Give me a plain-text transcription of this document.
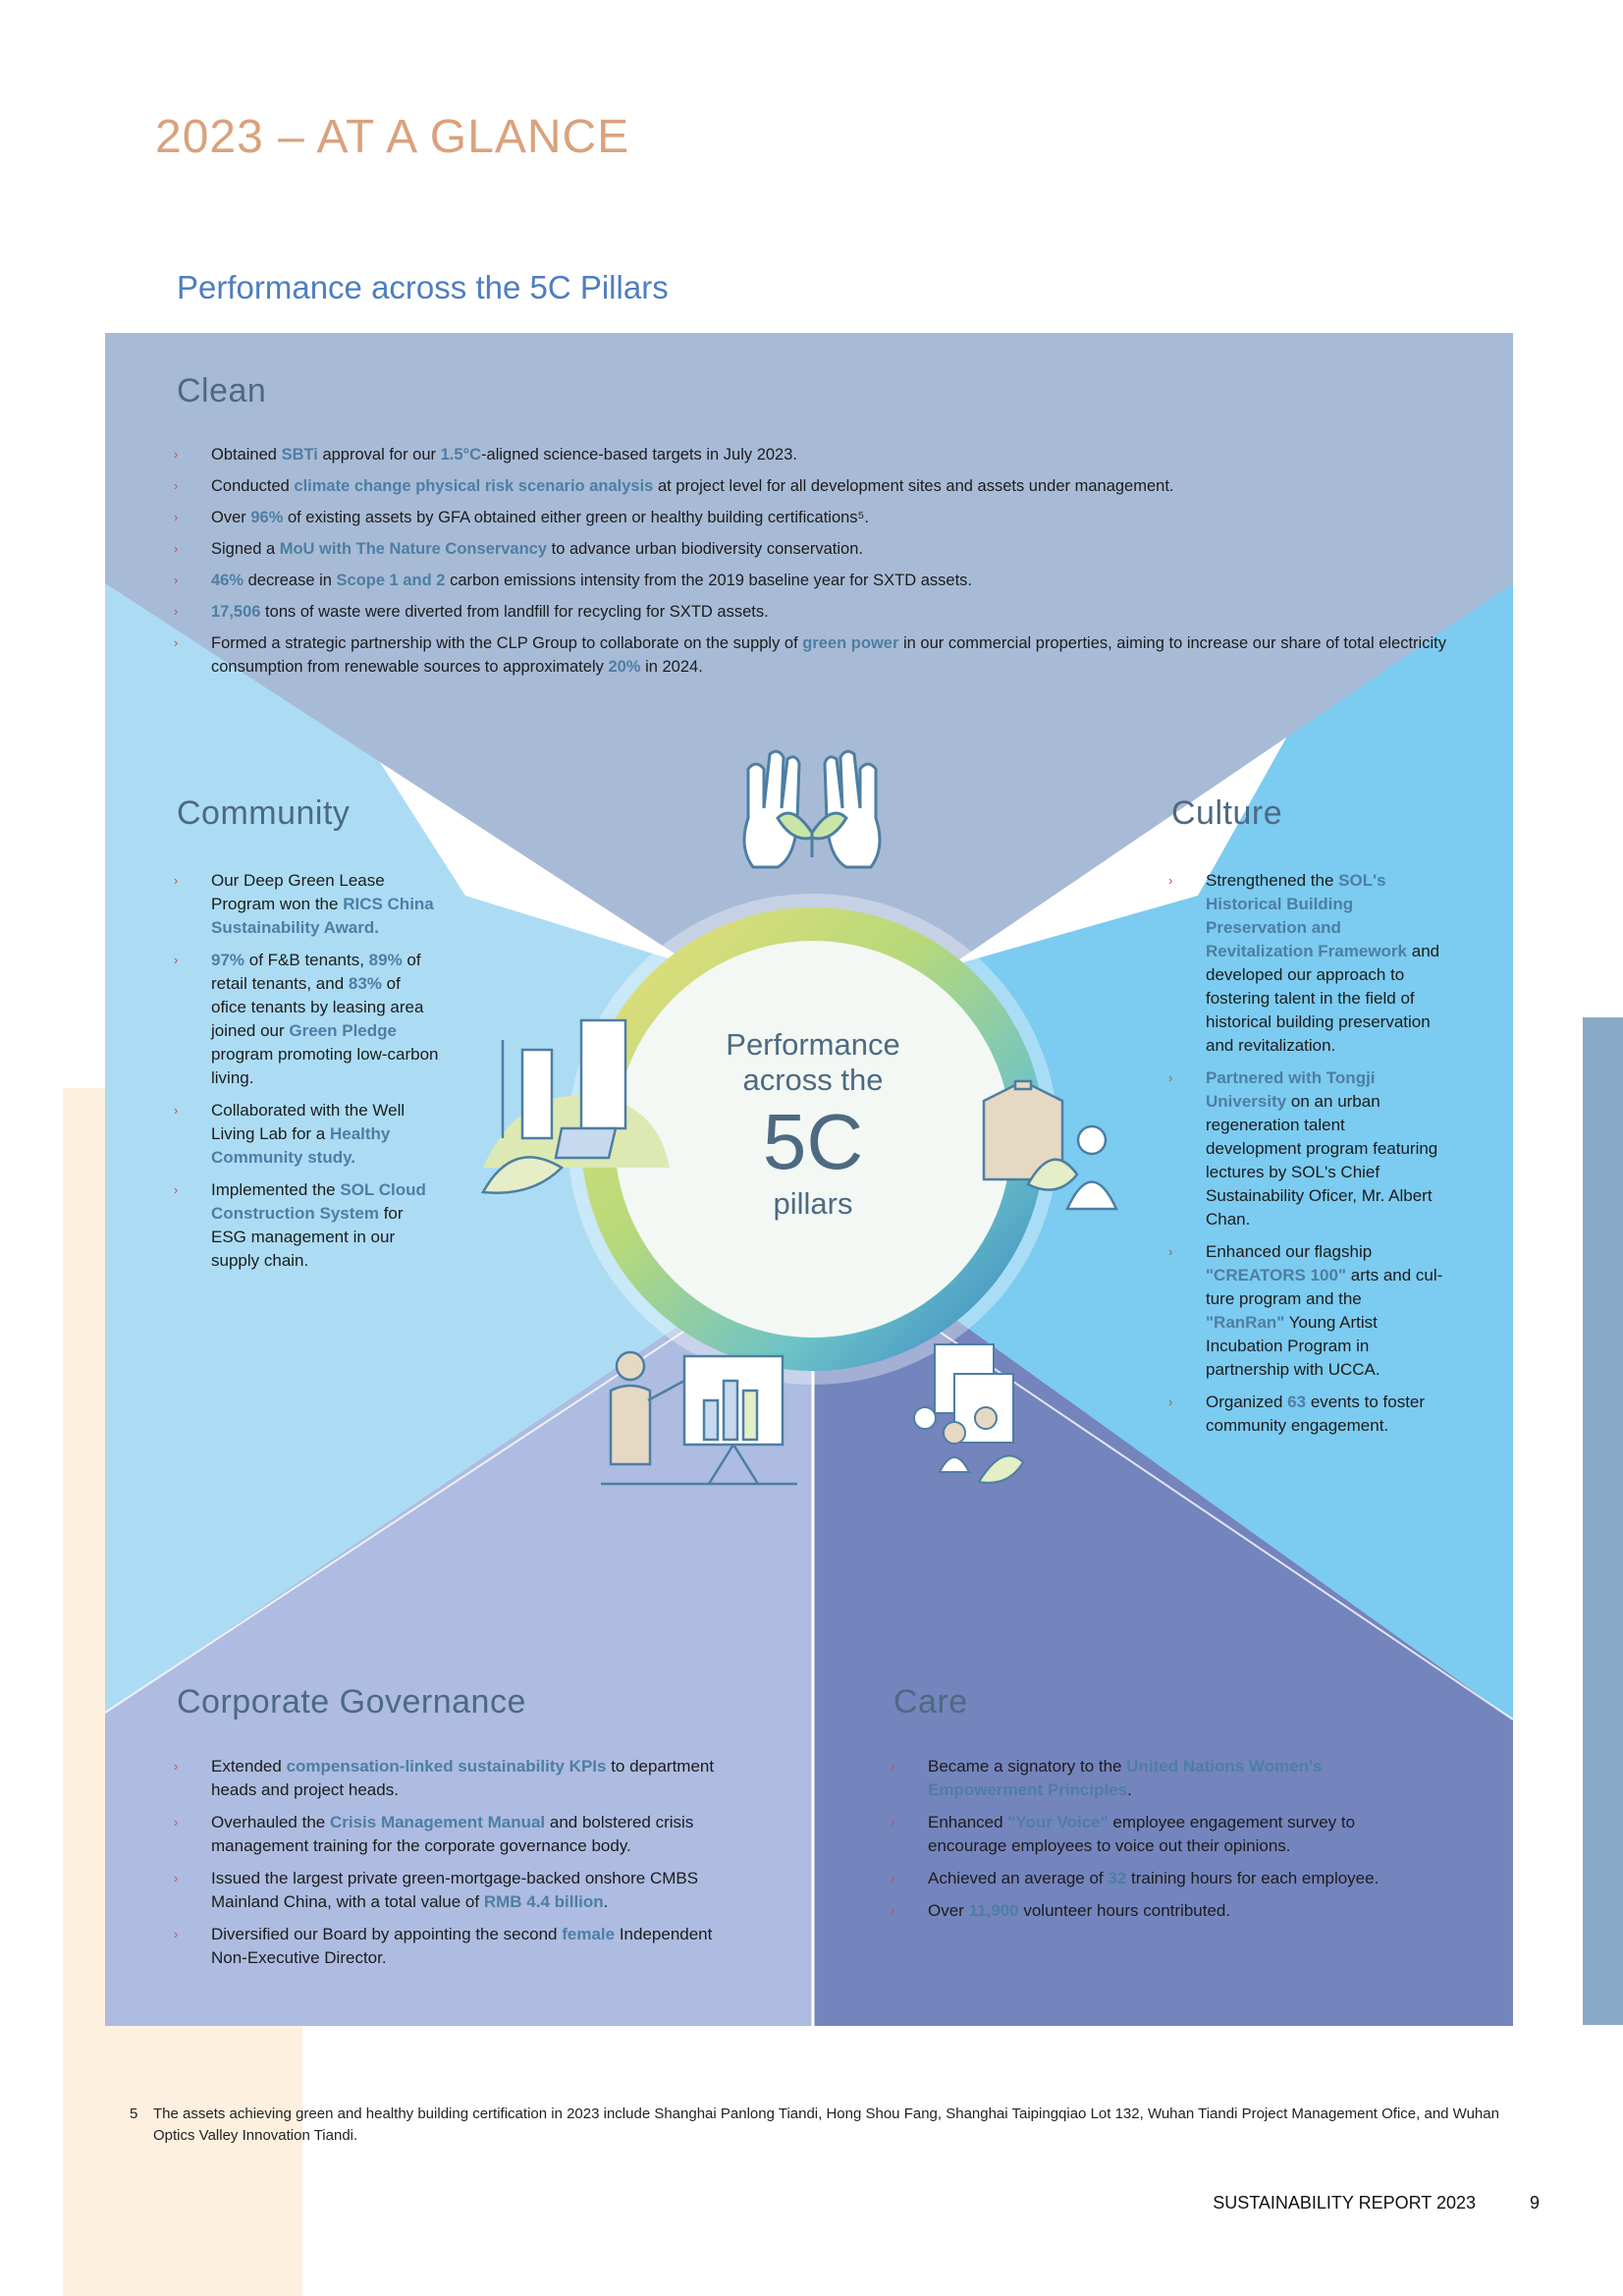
2023 – AT A GLANCE
Performance across the 5C Pillars
Performance
across the
5C
pillars
Clean
› Obtained SBTi approval for our 1.5°C-aligned science-based targets in July 2023.
› Conducted climate change physical risk scenario analysis at project level for all development sites and assets under management.
› Over 96% of existing assets by GFA obtained either green or healthy building certifications⁵.
› Signed a MoU with The Nature Conservancy to advance urban biodiversity conservation.
› 46% decrease in Scope 1 and 2 carbon emissions intensity from the 2019 baseline year for SXTD assets.
› 17,506 tons of waste were diverted from landfill for recycling for SXTD assets.
› Formed a strategic partnership with the CLP Group to collaborate on the supply of green power in our commercial properties, aiming to increase our share of total electricity consumption from renewable sources to approximately 20% in 2024.
Community
› Our Deep Green Lease Program won the RICS China Sustainability Award.
› 97% of F&B tenants, 89% of retail tenants, and 83% of ofice tenants by leasing area joined our Green Pledge program promoting low-carbon living.
› Collaborated with the Well Living Lab for a Healthy Community study.
› Implemented the SOL Cloud Construction System for ESG management in our supply chain.
Culture
› Strengthened the SOL's Historical Building Preservation and Revitalization Framework and developed our approach to fostering talent in the field of historical building preservation and revitalization.
› Partnered with Tongji University on an urban regeneration talent development program featuring lectures by SOL's Chief Sustainability Oficer, Mr. Albert Chan.
› Enhanced our flagship "CREATORS 100" arts and cul-ture program and the "RanRan" Young Artist Incubation Program in partnership with UCCA.
› Organized 63 events to foster community engagement.
Corporate Governance
› Extended compensation-linked sustainability KPIs to department heads and project heads.
› Overhauled the Crisis Management Manual and bolstered crisis management training for the corporate governance body.
› Issued the largest private green-mortgage-backed onshore CMBS Mainland China, with a total value of RMB 4.4 billion.
› Diversified our Board by appointing the second female Independent Non-Executive Director.
Care
› Became a signatory to the United Nations Women's Empowerment Principles.
› Enhanced "Your Voice" employee engagement survey to encourage employees to voice out their opinions.
› Achieved an average of 32 training hours for each employee.
› Over 11,900 volunteer hours contributed.
5 The assets achieving green and healthy building certification in 2023 include Shanghai Panlong Tiandi, Hong Shou Fang, Shanghai Taipingqiao Lot 132, Wuhan Tiandi Project Management Ofice, and Wuhan Optics Valley Innovation Tiandi.
SUSTAINABILITY REPORT 2023	9
